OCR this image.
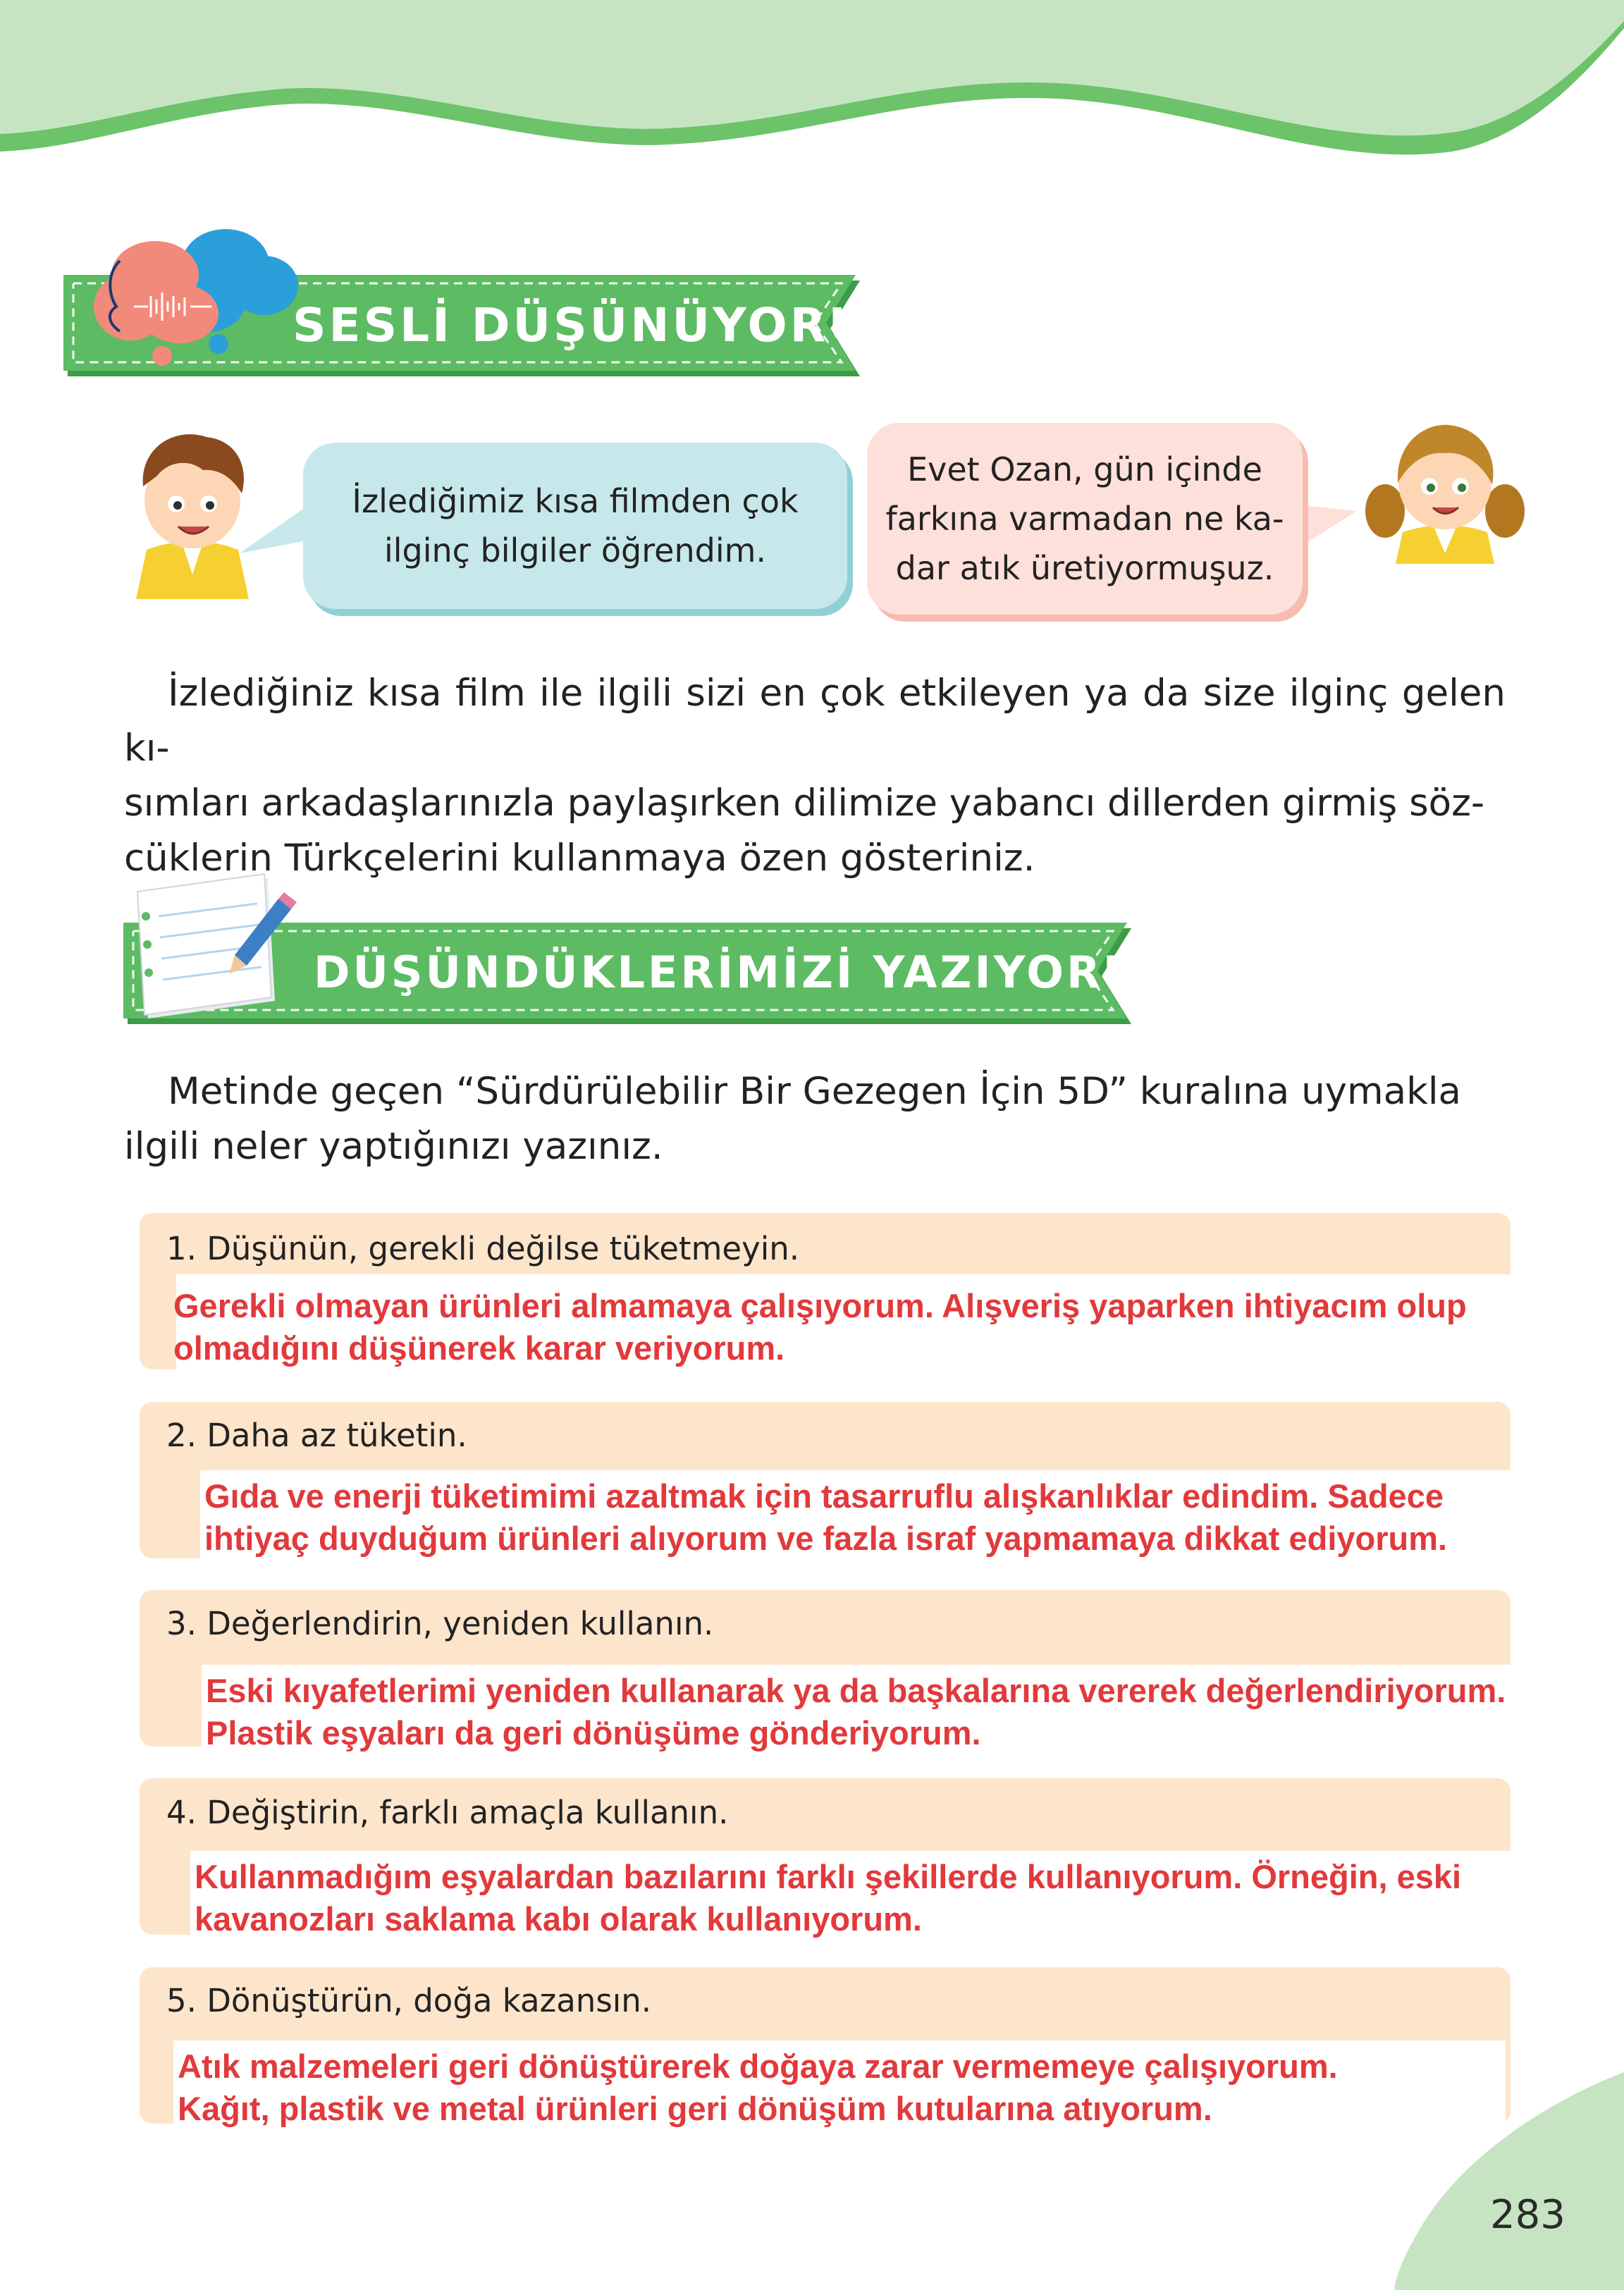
SESLİ DÜŞÜNÜYORUZ
İzlediğimiz kısa filmden çok
ilginç bilgiler öğrendim.
Evet Ozan, gün içinde
farkına varmadan ne ka-
dar atık üretiyormuşuz.
İzlediğiniz kısa film ile ilgili sizi en çok etkileyen ya da size ilginç gelen kı-
sımları arkadaşlarınızla paylaşırken dilimize yabancı dillerden girmiş söz-
cüklerin Türkçelerini kullanmaya özen gösteriniz.
DÜŞÜNDÜKLERİMİZİ YAZIYORUZ
Metinde geçen “Sürdürülebilir Bir Gezegen İçin 5D” kuralına uymakla
ilgili neler yaptığınızı yazınız.
1. Düşünün, gerekli değilse tüketmeyin.
Gerekli olmayan ürünleri almamaya çalışıyorum. Alışveriş yaparken ihtiyacım olup
olmadığını düşünerek karar veriyorum.
2. Daha az tüketin.
Gıda ve enerji tüketimimi azaltmak için tasarruflu alışkanlıklar edindim. Sadece
ihtiyaç duyduğum ürünleri alıyorum ve fazla israf yapmamaya dikkat ediyorum.
3. Değerlendirin, yeniden kullanın.
Eski kıyafetlerimi yeniden kullanarak ya da başkalarına vererek değerlendiriyorum.
Plastik eşyaları da geri dönüşüme gönderiyorum.
4. Değiştirin, farklı amaçla kullanın.
Kullanmadığım eşyalardan bazılarını farklı şekillerde kullanıyorum. Örneğin, eski
kavanozları saklama kabı olarak kullanıyorum.
5. Dönüştürün, doğa kazansın.
Atık malzemeleri geri dönüştürerek doğaya zarar vermemeye çalışıyorum.
Kağıt, plastik ve metal ürünleri geri dönüşüm kutularına atıyorum.
283
